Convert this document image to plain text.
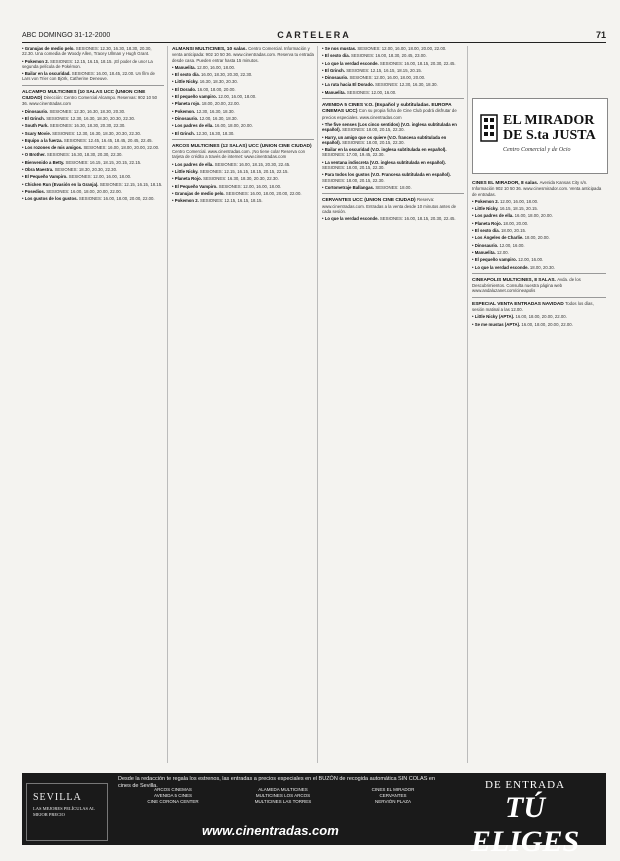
ABC DOMINGO 31-12-2000	CARTELERA	71

• Granujas de medio pelo. SESIONES: 12.30, 16.30, 18.30, 20.30, 22.30. Una comedia de Woody Allen, Tracey Ullman y Hugh Grant.

• Pokemon 2. SESIONES: 12.15, 16.15, 18.15. ¡El poder de uno! La segunda película de Pokémon.

• Bailar en la oscuridad. SESIONES: 16.00, 18.45, 22.00. Un film de Lars von Trier con Björk, Catherine Deneuve.

ALCAMPO MULTICINES (10 SALAS UCC (UNION CINE CIUDAD) Dirección: Centro Comercial Alcampo. Reservas: 902 10 50 36. www.cinentradas.com

• Dinosaurio. SESIONES: 12.30, 16.30, 18.30, 20.30.

• El Grinch. SESIONES: 12.30, 16.30, 18.30, 20.30, 22.30.

• South Park. SESIONES: 16.30, 18.30, 20.30, 22.30.

• Scary Movie. SESIONES: 12.30, 16.30, 18.30, 20.30, 22.30.

• Equipo a la fuerza. SESIONES: 12.45, 16.45, 18.45, 20.45, 22.45.

• Los rozones de mis amigos. SESIONES: 16.00, 18.00, 20.00, 22.00.

• O Brother. SESIONES: 16.30, 18.30, 20.30, 22.30.

• Bienvenido a Betty. SESIONES: 16.15, 18.15, 20.15, 22.15.

• Obra Maestra. SESIONES: 18.30, 20.30, 22.30.

• El Pequeño Vampiro. SESIONES: 12.00, 16.00, 18.00.

• Chicken Run (Evasión en la Granja). SESIONES: 12.15, 16.15, 18.15.

• Posedios. SESIONES: 16.00, 18.00, 20.00, 22.00.

• Los gustos de los gustos. SESIONES: 16.00, 18.00, 20.00, 22.00.

ALMANSI MULTICINES, 10 salas. Centro Comercial. Información y venta anticipada: 902 10 50 36. www.cinentradas.com. Reserva tu entrada desde casa. Pueden entrar hasta 15 minutos.

• Manuelita. 12.00, 16.00, 18.00.

• El sexto día. 16.00, 18.30, 20.30, 22.30.

• Little Nicky. 16.30, 18.30, 20.30.

• El Dorado. 16.00, 18.00, 20.00.

• El pequeño vampiro. 12.00, 16.00, 18.00.

• Planeta rojo. 18.00, 20.00, 22.00.

• Pokemon. 12.30, 16.30, 18.30.

• Dinosaurio. 12.00, 16.30, 18.30.

• Los padres de ella. 16.00, 18.00, 20.00.

• El Grinch. 12.30, 16.30, 18.30.

ARCOS MULTICINES (12 SALAS) UCC (UNION CINE CIUDAD) Centro Comercial. www.cinentradas.com. ¡No tiene cola! Reserva con tarjeta de crédito a través de internet: www.cinentradas.com

• Los padres de ella. SESIONES: 16.00, 18.15, 20.30, 22.45.

• Little Nicky. SESIONES: 12.15, 16.15, 18.15, 20.15, 22.15.

• Planeta Rojo. SESIONES: 16.30, 18.30, 20.30, 22.30.

• El Pequeño Vampiro. SESIONES: 12.00, 16.00, 18.00.

• Granujas de medio pelo. SESIONES: 16.00, 18.00, 20.00, 22.00.

• Pokemon 2. SESIONES: 12.15, 16.15, 18.15.

• Se nos mustas. SESIONES: 12.00, 16.00, 18.00, 20.00, 22.00.

• El sexto día. SESIONES: 16.00, 18.30, 20.45, 23.00.

• Lo que la verdad esconde. SESIONES: 16.00, 18.15, 20.30, 22.45.

• El Grinch. SESIONES: 12.15, 16.15, 18.15, 20.15.

• Dinosaurio. SESIONES: 12.00, 16.00, 18.00, 20.00.

• La ruta hacia El Dorado. SESIONES: 12.30, 16.30, 18.30.

• Manuelita. SESIONES: 12.00, 16.00.

AVENIDA 5 CINES V.O. (Español y subtituladas. EUROPA CINEMAS UCC) Con su propia ficha de Cine Club podrá disfrutar de precios especiales. www.cinentradas.com

• The five senses (Los cinco sentidos) (V.O. inglesa subtitulada en español). SESIONES: 18.00, 20.15, 22.30.

• Harry, un amigo que os quiere (V.O. francesa subtitulada en español). SESIONES: 18.00, 20.15, 22.30.

• Bailar en la oscuridad (V.O. inglesa subtitulada en español). SESIONES: 17.00, 19.45, 22.30.

• La ventana indiscreta (V.O. inglesa subtitulada en español). SESIONES: 18.00, 20.15, 22.30.

• Para todos los gustos (V.O. Francesa subtitulada en español). SESIONES: 18.00, 20.15, 22.30.

• Cortometraje Ballangas. SESIONES: 18.00.

CERVANTES UCC (UNION CINE CIUDAD) Reserva: www.cinentradas.com. Entradas a la venta desde 10 minutos antes de cada sesión.

• Lo que la verdad esconde. SESIONES: 16.00, 18.15, 20.30, 22.45.

EL MIRADOR
DE S.ta JUSTA
Centro Comercial y de Ocio

CINES EL MIRADOR, 8 salas. Avenida Kansas City s/n. Información 902 10 50 36. www.cinesmirador.com. Venta anticipada de entradas.

• Pokemon 2. 12.00, 16.00, 18.00.

• Little Nicky. 16.15, 18.15, 20.15.

• Los padres de ella. 16.00, 18.00, 20.00.

• Planeta Rojo. 18.00, 20.00.

• El sexto día. 18.00, 20.15.

• Los Ángeles de Charlie. 18.00, 20.00.

• Dinosaurio. 12.00, 16.00.

• Manuelita. 12.00.

• El pequeño vampiro. 12.00, 16.00.

• Lo que la verdad esconde. 18.00, 20.30.

CINEAPOLIS MULTICINES, 8 SALAS. Avda. de los Descubrimientos. Consulta nuestra página web www.andaluzanet.com/cineapolis

ESPECIAL VENTA ENTRADAS NAVIDAD Todos los días, sesión matinal a las 12.00.

• Little Nicky (APTA). 16.00, 18.00, 20.00, 22.00.

• Se me mustas (APTA). 16.00, 18.00, 20.00, 22.00.

SEVILLA
LAS MEJORES PELÍCULAS AL MEJOR PRECIO
Desde la redacción te regala los estrenos, las entradas a precios especiales en el BUZÓN de recogida automática SIN COLAS en cines de Sevilla.
ARCOS CINEMAS	ALAMEDA MULTICINES	CINES EL MIRADOR
AVENIDA 5 CINES	MULTICINES LOS ARCOS	CERVANTES
CINE CORONA CENTER	MULTICINES LAS TORRES	NERVIÓN PLAZA
www.cinentradas.com
DE ENTRADA
TÚ ELIGES
